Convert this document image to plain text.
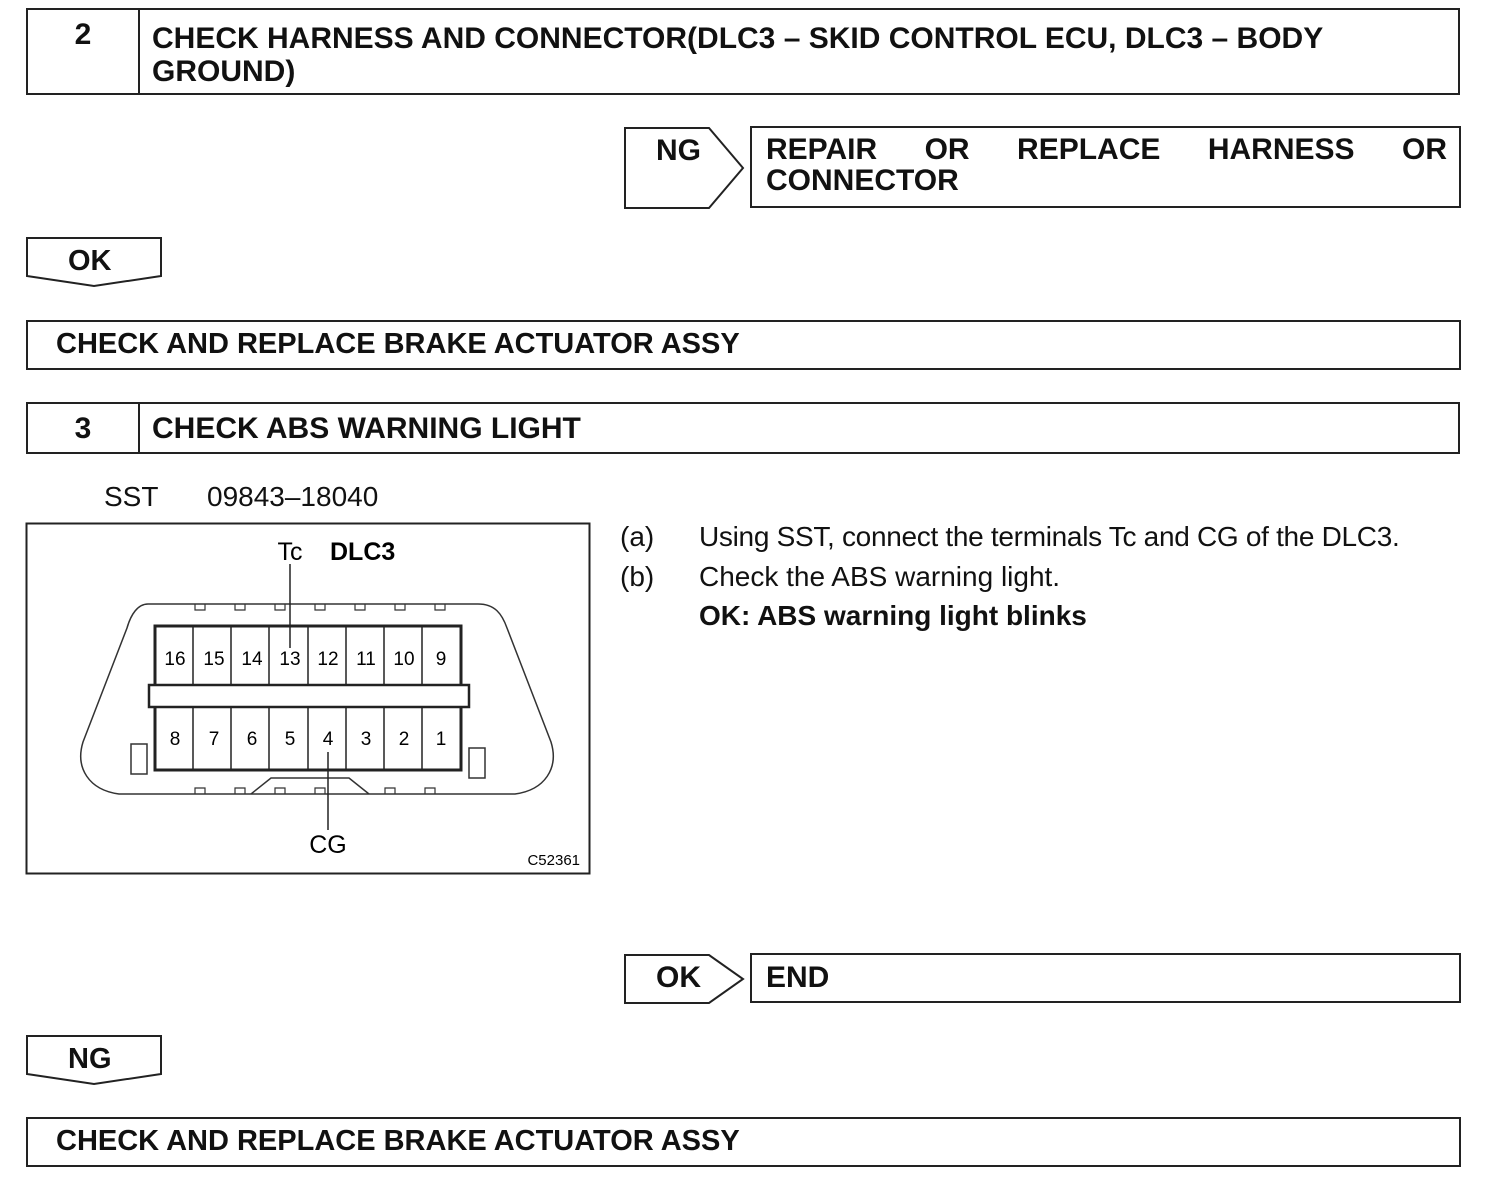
2	CHECK HARNESS AND CONNECTOR(DLC3 – SKID CONTROL ECU, DLC3 – BODY GROUND)
NG REPAIR OR REPLACE HARNESS OR CONNECTOR
OK
CHECK AND REPLACE BRAKE ACTUATOR ASSY
3	CHECK ABS WARNING LIGHT
SST 09843–18040
16 15 14 13 12 11 10 9
8 7 6 5 4 3 2 1
Tc DLC3
CG
C52361
(a) Using SST, connect the terminals Tc and CG of the DLC3.
(b) Check the ABS warning light.
OK: ABS warning light blinks
OK END
NG
CHECK AND REPLACE BRAKE ACTUATOR ASSY
